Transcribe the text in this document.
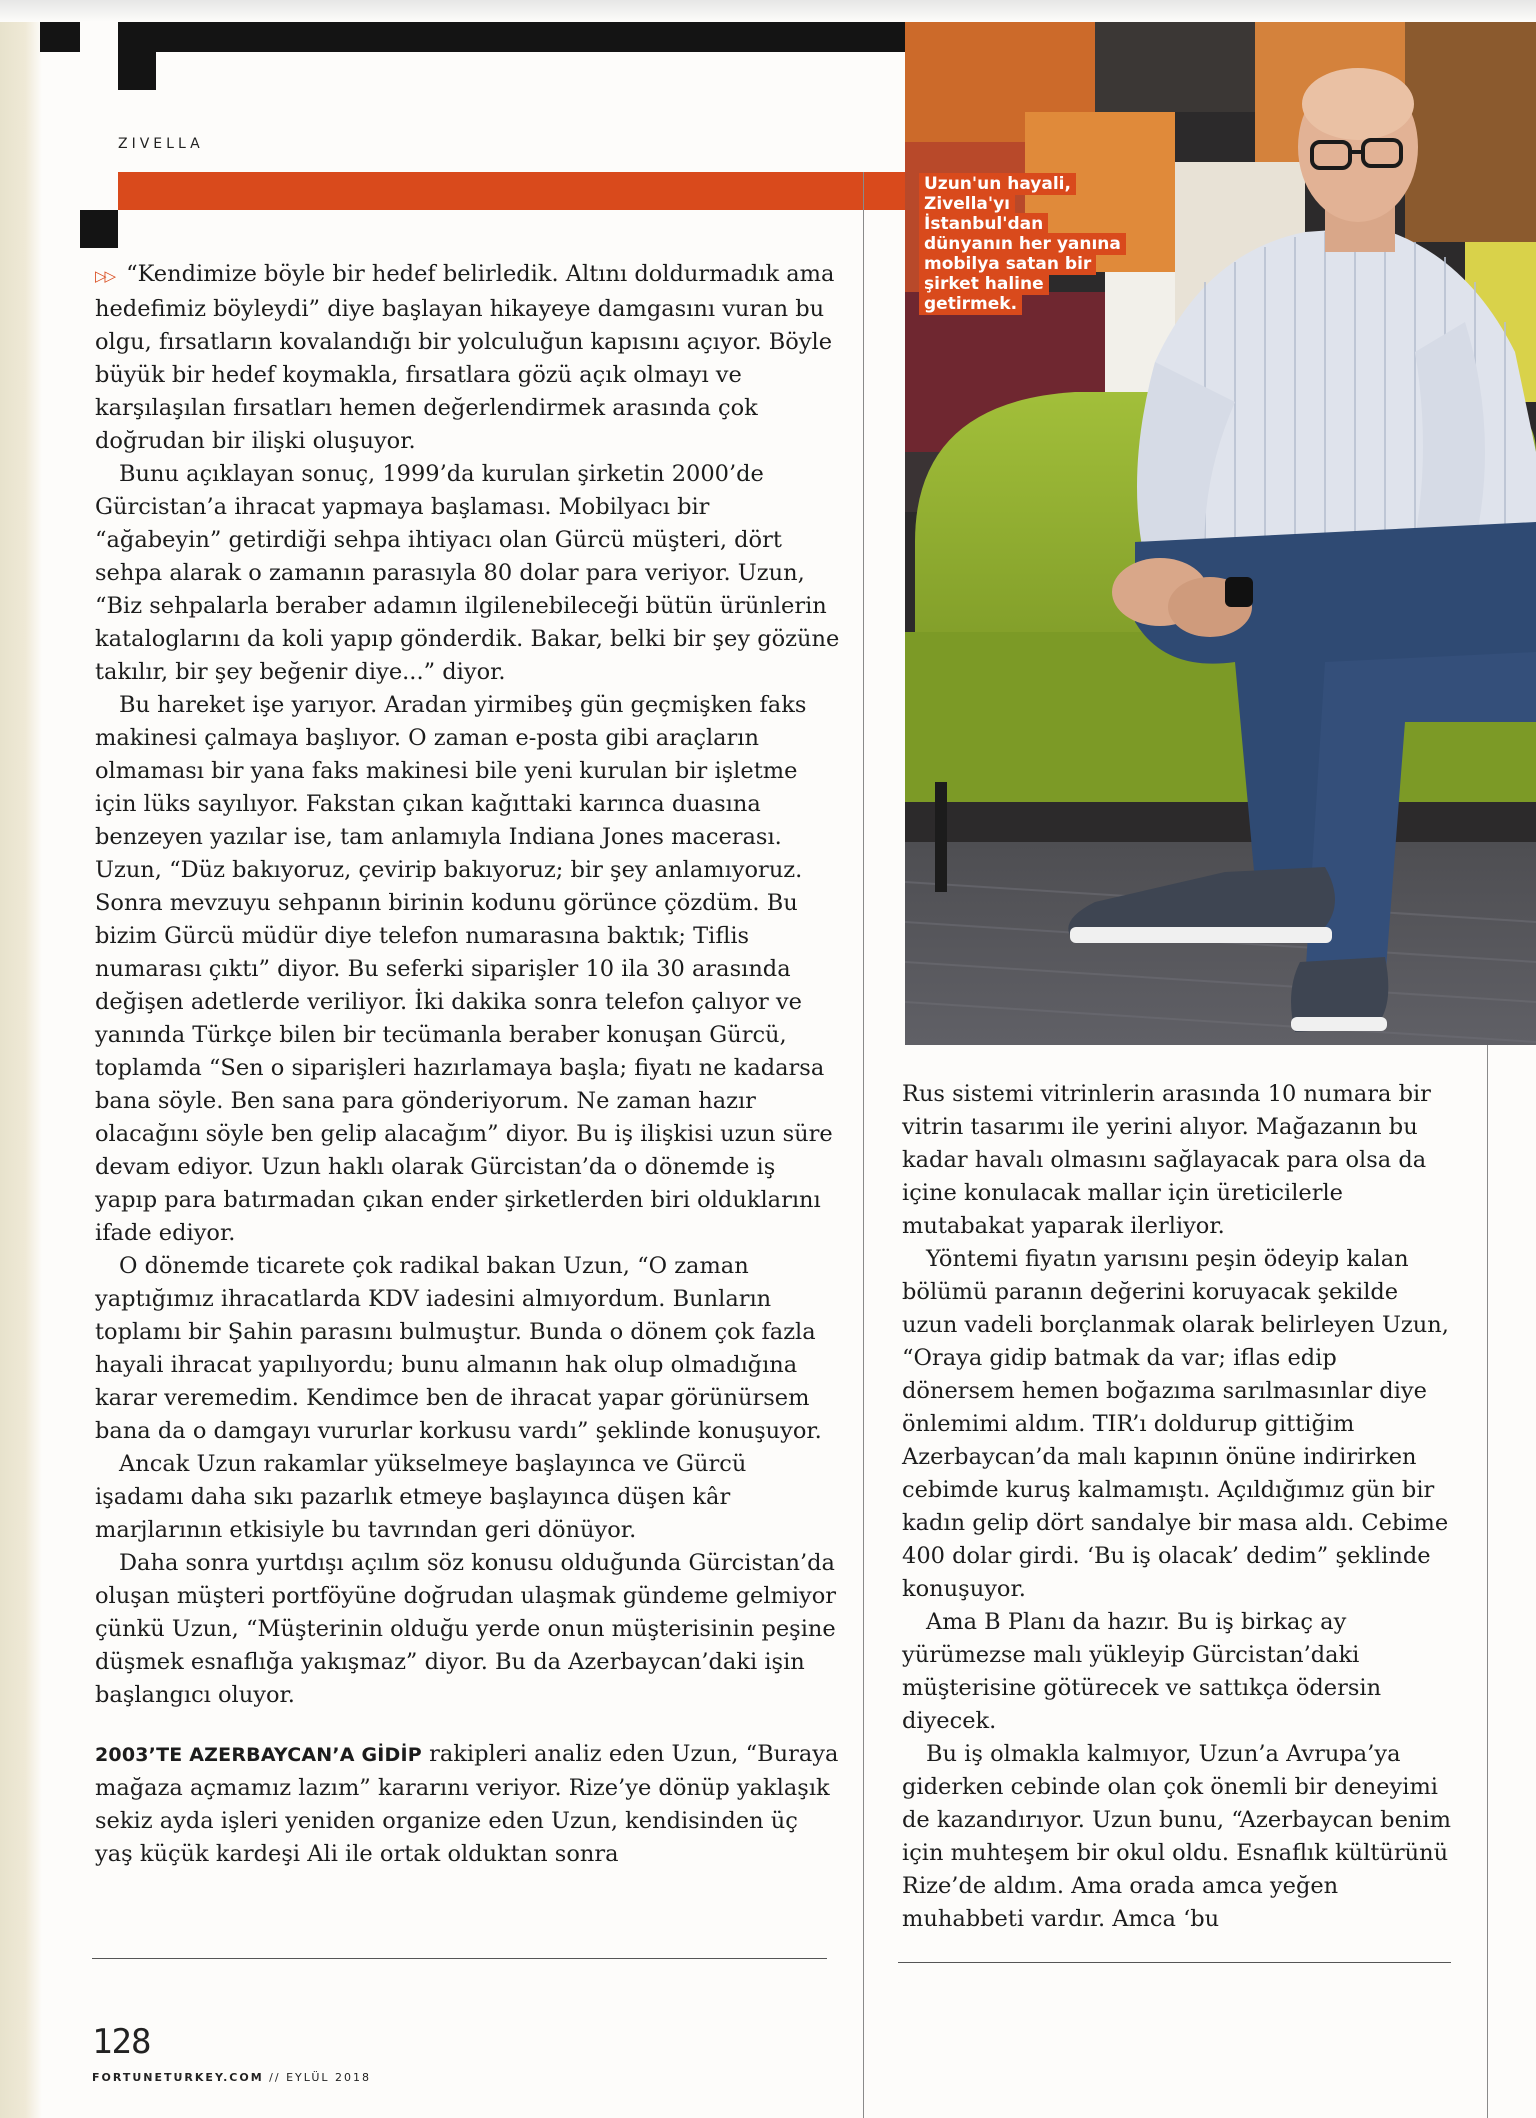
ZIVELLA
Uzun'un hayali, Zivella'yı İstanbul'dan dünyanın her yanına mobilya satan bir şirket haline getirmek.

▷▷ “Kendimize böyle bir hedef belirledik. Altını doldurmadık ama hedefimiz böyleydi” diye başlayan hikayeye damgasını vuran bu olgu, fırsatların kovalandığı bir yolculuğun kapısını açıyor. Böyle büyük bir hedef koymakla, fırsatlara gözü açık olmayı ve karşılaşılan fırsatları hemen değerlendirmek arasında çok doğrudan bir ilişki oluşuyor.

Bunu açıklayan sonuç, 1999’da kurulan şirketin 2000’de Gürcistan’a ihracat yapmaya başlaması. Mobilyacı bir “ağabeyin” getirdiği sehpa ihtiyacı olan Gürcü müşteri, dört sehpa alarak o zamanın parasıyla 80 dolar para veriyor. Uzun, “Biz sehpalarla beraber adamın ilgilenebileceği bütün ürünlerin kataloglarını da koli yapıp gönderdik. Bakar, belki bir şey gözüne takılır, bir şey beğenir diye...” diyor.

Bu hareket işe yarıyor. Aradan yirmibeş gün geçmişken faks makinesi çalmaya başlıyor. O zaman e-posta gibi araçların olmaması bir yana faks makinesi bile yeni kurulan bir işletme için lüks sayılıyor. Fakstan çıkan kağıttaki karınca duasına benzeyen yazılar ise, tam anlamıyla Indiana Jones macerası. Uzun, “Düz bakıyoruz, çevirip bakıyoruz; bir şey anlamıyoruz. Sonra mevzuyu sehpanın birinin kodunu görünce çözdüm. Bu bizim Gürcü müdür diye telefon numarasına baktık; Tiflis numarası çıktı” diyor. Bu seferki siparişler 10 ila 30 arasında değişen adetlerde veriliyor. İki dakika sonra telefon çalıyor ve yanında Türkçe bilen bir tecümanla beraber konuşan Gürcü, toplamda “Sen o siparişleri hazırlamaya başla; fiyatı ne kadarsa bana söyle. Ben sana para gönderiyorum. Ne zaman hazır olacağını söyle ben gelip alacağım” diyor. Bu iş ilişkisi uzun süre devam ediyor. Uzun haklı olarak Gürcistan’da o dönemde iş yapıp para batırmadan çıkan ender şirketlerden biri olduklarını ifade ediyor.

O dönemde ticarete çok radikal bakan Uzun, “O zaman yaptığımız ihracatlarda KDV iadesini almıyordum. Bunların toplamı bir Şahin parasını bulmuştur. Bunda o dönem çok fazla hayali ihracat yapılıyordu; bunu almanın hak olup olmadığına karar veremedim. Kendimce ben de ihracat yapar görünürsem bana da o damgayı vururlar korkusu vardı” şeklinde konuşuyor.

Ancak Uzun rakamlar yükselmeye başlayınca ve Gürcü işadamı daha sıkı pazarlık etmeye başlayınca düşen kâr marjlarının etkisiyle bu tavrından geri dönüyor.

Daha sonra yurtdışı açılım söz konusu olduğunda Gürcistan’da oluşan müşteri portföyüne doğrudan ulaşmak gündeme gelmiyor çünkü Uzun, “Müşterinin olduğu yerde onun müşterisinin peşine düşmek esnaflığa yakışmaz” diyor. Bu da Azerbaycan’daki işin başlangıcı oluyor.

2003’TE AZERBAYCAN’A GİDİP rakipleri analiz eden Uzun, “Buraya mağaza açmamız lazım” kararını veriyor. Rize’ye dönüp yaklaşık sekiz ayda işleri yeniden organize eden Uzun, kendisinden üç yaş küçük kardeşi Ali ile ortak olduktan sonra

Rus sistemi vitrinlerin arasında 10 numara bir vitrin tasarımı ile yerini alıyor. Mağazanın bu kadar havalı olmasını sağlayacak para olsa da içine konulacak mallar için üreticilerle mutabakat yaparak ilerliyor.

Yöntemi fiyatın yarısını peşin ödeyip kalan bölümü paranın değerini koruyacak şekilde uzun vadeli borçlanmak olarak belirleyen Uzun, “Oraya gidip batmak da var; iflas edip dönersem hemen boğazıma sarılmasınlar diye önlemimi aldım. TIR’ı doldurup gittiğim Azerbaycan’da malı kapının önüne indirirken cebimde kuruş kalmamıştı. Açıldığımız gün bir kadın gelip dört sandalye bir masa aldı. Cebime 400 dolar girdi. ‘Bu iş olacak’ dedim” şeklinde konuşuyor.

Ama B Planı da hazır. Bu iş birkaç ay yürümezse malı yükleyip Gürcistan’daki müşterisine götürecek ve sattıkça ödersin diyecek.

Bu iş olmakla kalmıyor, Uzun’a Avrupa’ya giderken cebinde olan çok önemli bir deneyimi de kazandırıyor. Uzun bunu, “Azerbaycan benim için muhteşem bir okul oldu. Esnaflık kültürünü Rize’de aldım. Ama orada amca yeğen muhabbeti vardır. Amca ‘bu

128
FORTUNETURKEY.COM // EYLÜL 2018
